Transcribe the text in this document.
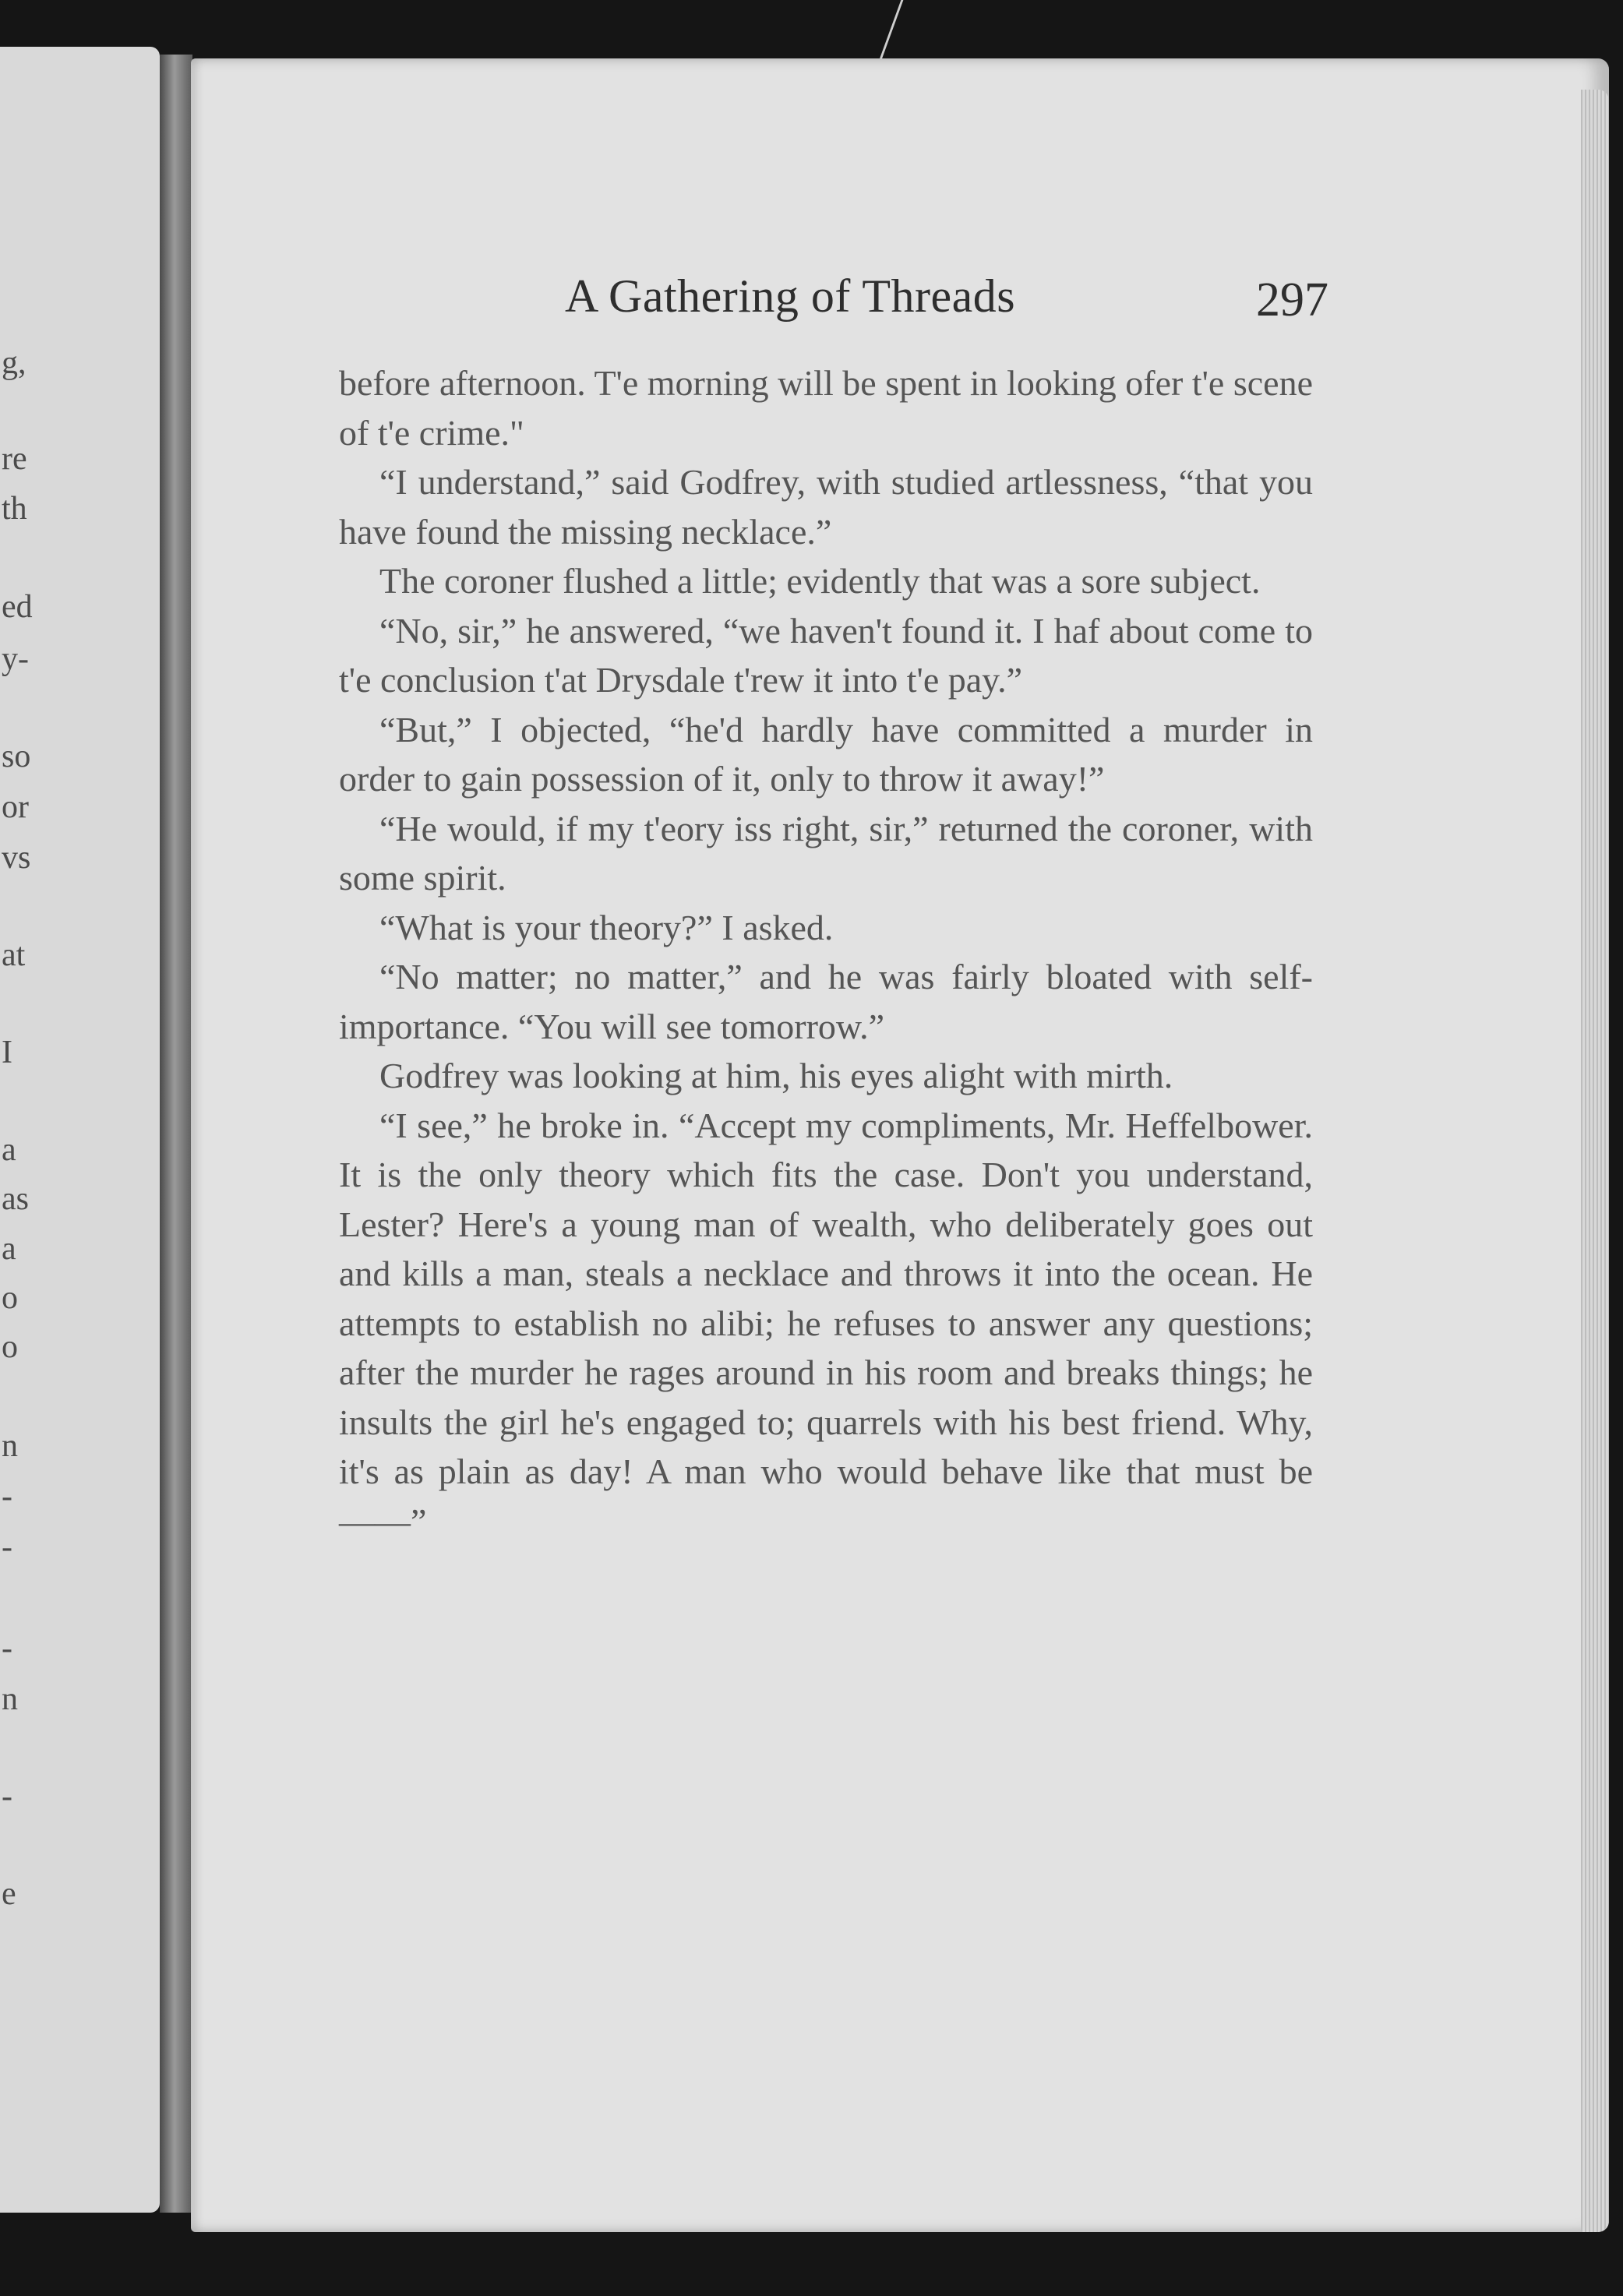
g,
re
th
ed
y-
so
or
vs
at
I
a
as
a
o
o
n
-
-
-
n
-
e
A Gathering of Threads	297

before afternoon. T'e morning will be spent in looking ofer t'e scene of t'e crime."

“I understand,” said Godfrey, with studied artlessness, “that you have found the missing necklace.”

The coroner flushed a little; evidently that was a sore subject.

“No, sir,” he answered, “we haven't found it. I haf about come to t'e conclusion t'at Drysdale t'rew it into t'e pay.”

“But,” I objected, “he'd hardly have committed a murder in order to gain possession of it, only to throw it away!”

“He would, if my t'eory iss right, sir,” returned the coroner, with some spirit.

“What is your theory?” I asked.

“No matter; no matter,” and he was fairly bloated with self-importance. “You will see tomorrow.”

Godfrey was looking at him, his eyes alight with mirth.

“I see,” he broke in. “Accept my compliments, Mr. Heffelbower. It is the only theory which fits the case. Don't you understand, Lester? Here's a young man of wealth, who deliberately goes out and kills a man, steals a necklace and throws it into the ocean. He attempts to establish no alibi; he refuses to answer any questions; after the murder he rages around in his room and breaks things; he insults the girl he's engaged to; quarrels with his best friend. Why, it's as plain as day! A man who would behave like that must be——”
